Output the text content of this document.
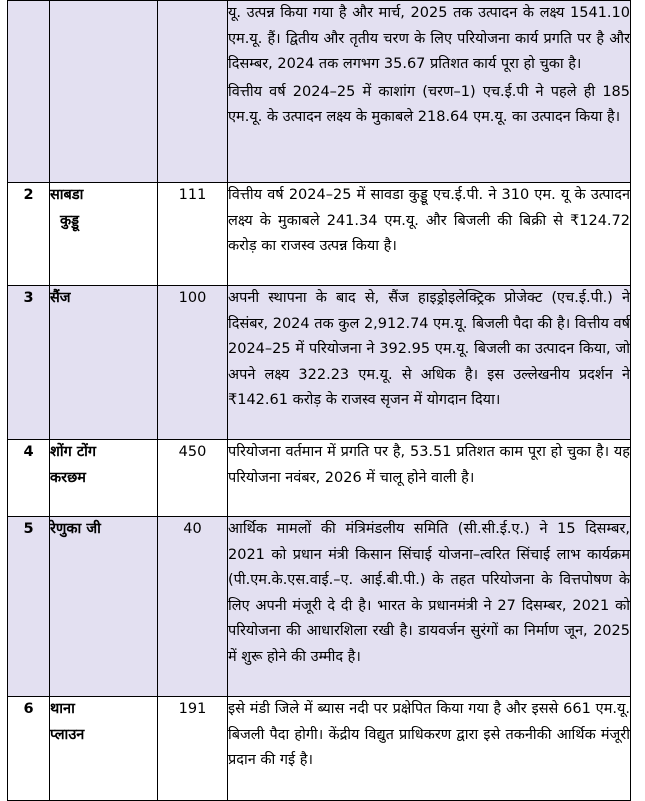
			यू. उत्पन्न किया गया है और मार्च, 2025 तक उत्पादन के लक्ष्य 1541.10 एम.यू. हैं। द्वितीय और तृतीय चरण के लिए परियोजना कार्य प्रगति पर है और दिसम्बर, 2024 तक लगभग 35.67 प्रतिशत कार्य पूरा हो चुका है।

वित्तीय वर्ष 2024–25 में काशांग (चरण–1) एच.ई.पी ने पहले ही 185 एम.यू. के उत्पादन लक्ष्य के मुकाबले 218.64 एम.यू. का उत्पादन किया है।

2	साबडा
कुड्डू	111	वित्तीय वर्ष 2024–25 में सावडा कुड्डू एच.ई.पी. ने 310 एम. यू के उत्पादन लक्ष्य के मुकाबले 241.34 एम.यू. और बिजली की बिक्री से ₹124.72 करोड़ का राजस्व उत्पन्न किया है।

3	सैंज	100	अपनी स्थापना के बाद से, सैंज हाइड्रोइलेक्ट्रिक प्रोजेक्ट (एच.ई.पी.) ने दिसंबर, 2024 तक कुल 2,912.74 एम.यू. बिजली पैदा की है। वित्तीय वर्ष 2024–25 में परियोजना ने 392.95 एम.यू. बिजली का उत्पादन किया, जो अपने लक्ष्य 322.23 एम.यू. से अधिक है। इस उल्लेखनीय प्रदर्शन ने ₹142.61 करोड़ के राजस्व सृजन में योगदान दिया।

4	शोंग टोंग
करछम	450	परियोजना वर्तमान में प्रगति पर है, 53.51 प्रतिशत काम पूरा हो चुका है। यह परियोजना नवंबर, 2026 में चालू होने वाली है।

5	रेणुका जी	40	आर्थिक मामलों की मंत्रिमंडलीय समिति (सी.सी.ई.ए.) ने 15 दिसम्बर, 2021 को प्रधान मंत्री किसान सिंचाई योजना–त्वरित सिंचाई लाभ कार्यक्रम (पी.एम.के.एस.वाई.–ए. आई.बी.पी.) के तहत परियोजना के वित्तपोषण के लिए अपनी मंजूरी दे दी है। भारत के प्रधानमंत्री ने 27 दिसम्बर, 2021 को परियोजना की आधारशिला रखी है। डायवर्जन सुरंगों का निर्माण जून, 2025 में शुरू होने की उम्मीद है।

6	थाना
प्लाउन	191	इसे मंडी जिले में ब्यास नदी पर प्रक्षेपित किया गया है और इससे 661 एम.यू. बिजली पैदा होगी। केंद्रीय विद्युत प्राधिकरण द्वारा इसे तकनीकी आर्थिक मंजूरी प्रदान की गई है।
